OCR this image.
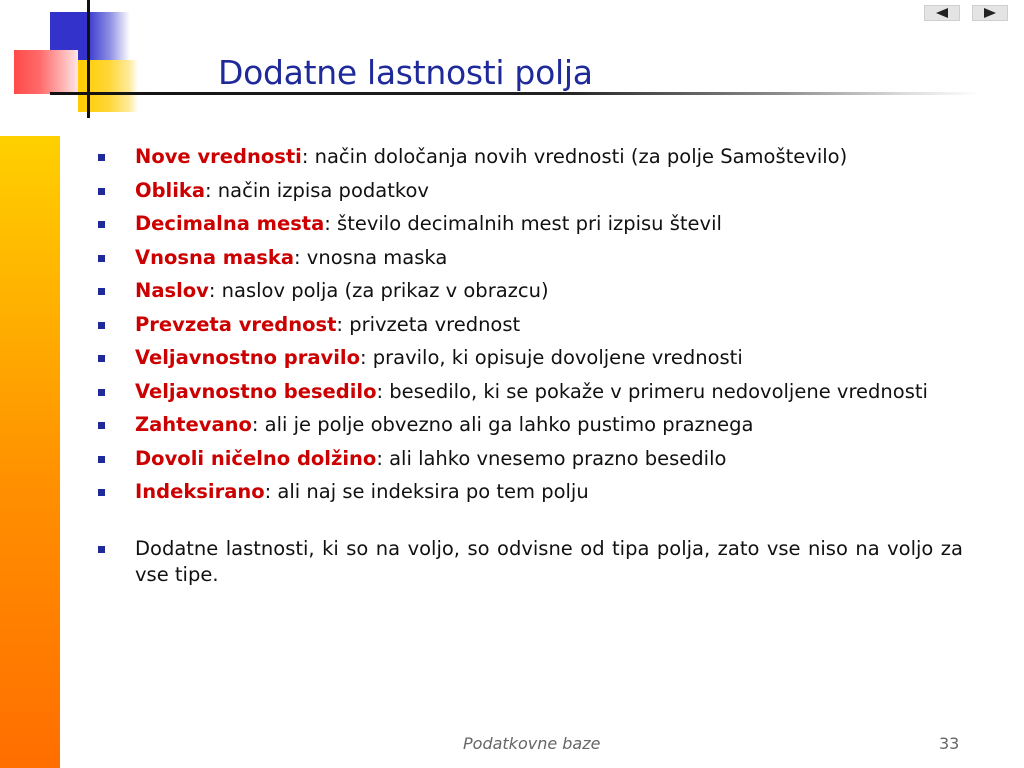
Dodatne lastnosti polja
Nove vrednosti: način določanja novih vrednosti (za polje Samoštevilo)
Oblika: način izpisa podatkov
Decimalna mesta: število decimalnih mest pri izpisu števil
Vnosna maska: vnosna maska
Naslov: naslov polja (za prikaz v obrazcu)
Prevzeta vrednost: privzeta vrednost
Veljavnostno pravilo: pravilo, ki opisuje dovoljene vrednosti
Veljavnostno besedilo: besedilo, ki se pokaže v primeru nedovoljene vrednosti
Zahtevano: ali je polje obvezno ali ga lahko pustimo praznega
Dovoli ničelno dolžino: ali lahko vnesemo prazno besedilo
Indeksirano: ali naj se indeksira po tem polju
Dodatne lastnosti, ki so na voljo, so odvisne od tipa polja, zato vse niso na voljo za vse tipe.
Podatkovne baze	33
